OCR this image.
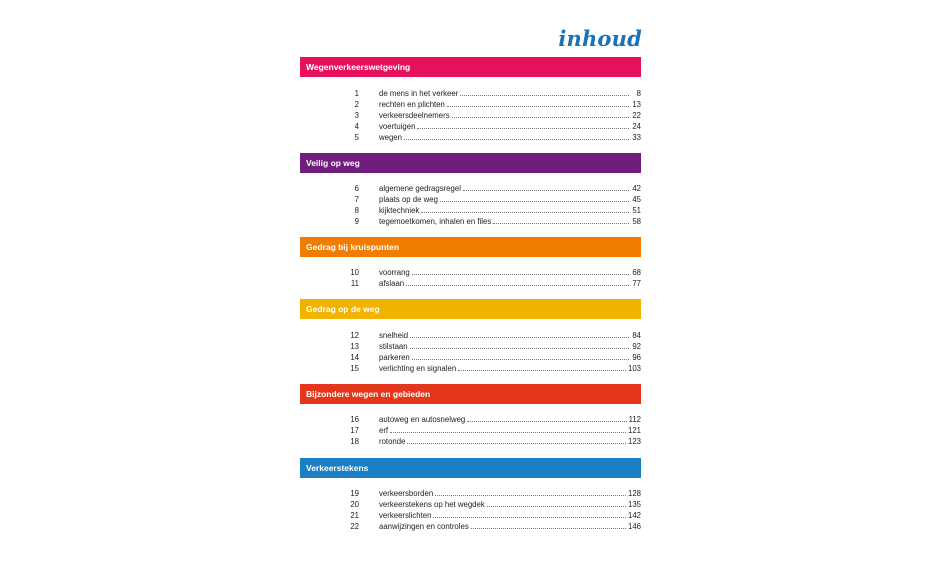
inhoud
Wegenverkeerswetgeving
1	de mens in het verkeer	8
2	rechten en plichten	13
3	verkeersdeelnemers	22
4	voertuigen	24
5	wegen	33
Veilig op weg
6	algemene gedragsregel	42
7	plaats op de weg	45
8	kijktechniek	51
9	tegemoetkomen, inhalen en files	58
Gedrag bij kruispunten
10	voorrang	68
11	afslaan	77
Gedrag op de weg
12	snelheid	84
13	stilstaan	92
14	parkeren	96
15	verlichting en signalen	103
Bijzondere wegen en gebieden
16	autoweg en autosnelweg	112
17	erf	121
18	rotonde	123
Verkeerstekens
19	verkeersborden	128
20	verkeerstekens op het wegdek	135
21	verkeerslichten	142
22	aanwijzingen en controles	146
